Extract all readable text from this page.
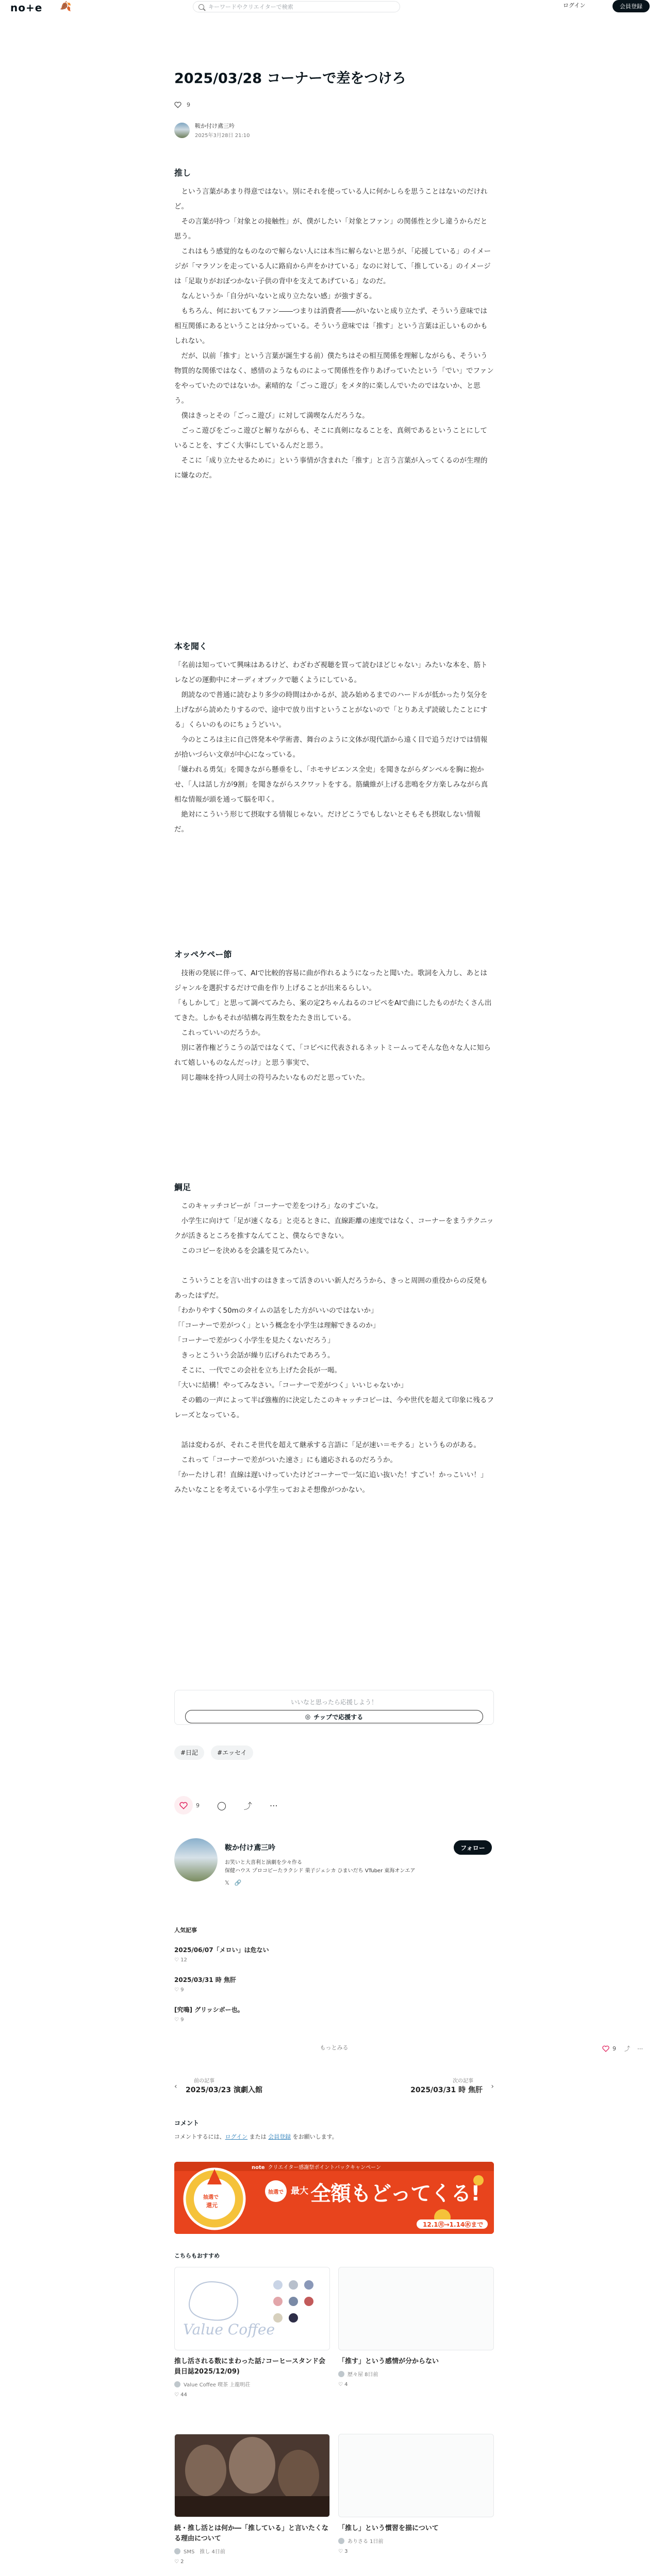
no+e 🍂	キーワードやクリエイターで検索	ログイン	会員登録
2025/03/28 コーナーで差をつけろ
9
鞍か付け鳶三吟
2025年3月28日 21:10
推し

　という言葉があまり得意ではない。別にそれを使っている人に何かしらを思うことはないのだけれど。

　その言葉が持つ「対象との接触性」が、僕がしたい「対象とファン」の関係性と少し違うからだと思う。

　これはもう感覚的なものなので解らない人には本当に解らないと思うが、「応援している」のイメージが「マラソンを走っている人に路肩から声をかけている」なのに対して、「推している」のイメージは「足取りがおぼつかない子供の背中を支えてあげている」なのだ。

　なんというか「自分がいないと成り立たない感」が強すぎる。

　もちろん、何においてもファン――つまりは消費者――がいないと成り立たず、そういう意味では相互関係にあるということは分かっている。そういう意味では「推す」という言葉は正しいものかもしれない。

　だが、以前「推す」という言葉が誕生する前）僕たちはその相互関係を理解しながらも、そういう物質的な関係ではなく、感情のようなものによって関係性を作りあげっていたという「でい」でファンをやっていたのではないか。素晴的な「ごっこ遊び」をメタ的に楽しんでいたのではないか、と思う。

　僕はきっとその「ごっこ遊び」に対して満喫なんだろうな。

　ごっこ遊びをごっこ遊びと解りながらも、そこに真剣になることを、真剣であるということにしていることを、すごく大事にしているんだと思う。

　そこに「成り立たせるために」という事情が含まれた「推す」と言う言葉が入ってくるのが生理的に嫌なのだ。

本を聞く

「名前は知っていて興味はあるけど、わざわざ視聴を買って読むほどじゃない」みたいな本を、筋トレなどの運動中にオーディオブックで聴くようにしている。

　朗読なので普通に読むより多少の時間はかかるが、読み始めるまでのハードルが低かったり気分を上げながら読めたりするので、途中で放り出すということがないので「とりあえず読破したことにする」くらいのものにちょうどいい。

　今のところは主に自己啓発本や学術書、舞台のように文体が現代語から遠く目で追うだけでは情報が拾いづらい文章が中心になっている。

「嫌われる勇気」を聞きながら懸垂をし、「ホモサピエンス全史」を聞きながらダンベルを胸に抱かせ、「人は話し方が9割」を聞きながらスクワットをする。筋繊維が上げる悲鳴を夕方楽しみながら真相な情報が頭を通って脳を叩く。

　絶対にこういう形じて摂取する情報じゃない。だけどこうでもしないとそもそも摂取しない情報だ。

オッペケペー節

　技術の発展に伴って、AIで比較的容易に曲が作れるようになったと聞いた。歌詞を入力し、あとはジャンルを選択するだけで曲を作り上げることが出来るらしい。

「もしかして」と思って調べてみたら、案の定2ちゃんねるのコピペをAIで曲にしたものがたくさん出てきた。しかもそれが結構な再生数をたたき出している。

　これっていいのだろうか。

　別に著作権どうこうの話ではなくて、「コピペに代表されるネットミームってそんな色々な人に知られて嬉しいものなんだっけ」と思う事実で、

　同じ趣味を持つ人同士の符号みたいなものだと思っていた。

鯛足

　このキャッチコピーが「コーナーで差をつけろ」なのすごいな。

　小学生に向けて「足が速くなる」と売るときに、直線距離の速度ではなく、コーナーをまうテクニックが活きるところを推すなんてこと、僕ならできない。

　このコピーを決めるを会議を見てみたい。

　こういうことを言い出すのはきまって活きのいい新人だろうから、きっと周囲の重役からの反発もあったはずだ。

「わかりやすく50mのタイムの話をした方がいいのではないか」

「「コーナーで差がつく」という概念を小学生は理解できるのか」

「コーナーで差がつく小学生を見たくないだろう」

　きっとこういう会話が繰り広げられたであろう。

　そこに、一代でこの会社を立ち上げた会長が一喝。

「大いに結構！やってみなさい。「コーナーで差がつく」いいじゃないか」

　その鶴の一声によって半ば強権的に決定したこのキャッチコピーは、今や世代を超えて印象に残るフレーズとなっている。

　話は変わるが、それこそ世代を超えて継承する言語に「足が速い＝モテる」というものがある。

　これって「コーナーで差がついた速さ」にも適応されるのだろうか。

「かーたけし君！直線は遅いけっていたけどコーナーで一気に追い抜いた！すごい！かっこいい！」みたいなことを考えている小学生っておよそ想像がつかない。

いいなと思ったら応援しよう！
◎ チップで応援する
#日記	#エッセイ
9 ◯ ⤴ ⋯
鞍か付け鳶三吟	フォロー
お笑いと大喜利と演劇を少々作る
保健ハウス プロコピーたラクシド 菓子ジェシカ ひまいだち VTuber 東海オンエア
𝕏 🔗
人気記事
2025/06/07「メロい」は危ない
♡ 12
2025/03/31 時 焦肝
♡ 9
[究鳴] グリッシボー也。
♡ 9
もっとみる	9 ⤴ ⋯
‹
前の記事
2025/03/23 演劇入館
次の記事
2025/03/31 時 焦肝 ›
コメント
コメントするには、ログイン または 会員登録 をお願いします。
note クリエイター感謝祭ポイントバックキャンペーン
抽選で
還元
抽選で 最大 全額もどってくる!
12.1㊊→1.14㊌まで
こちらもおすすめ
Value Coffee
推し活される数にまわった話♪コーヒースタンド会員日誌2025/12/09)
Value Coffee 喫茶 上龍明荘
♡ 44
「推す」という感情が分からない
歴々屋 8日前
♡ 4
続・推し活とは何か―「推している」と言いたくなる理由について
SMS　推し 4日前
♡ 2
「推し」という慣習を描について
ありさる 1日前
♡ 3
